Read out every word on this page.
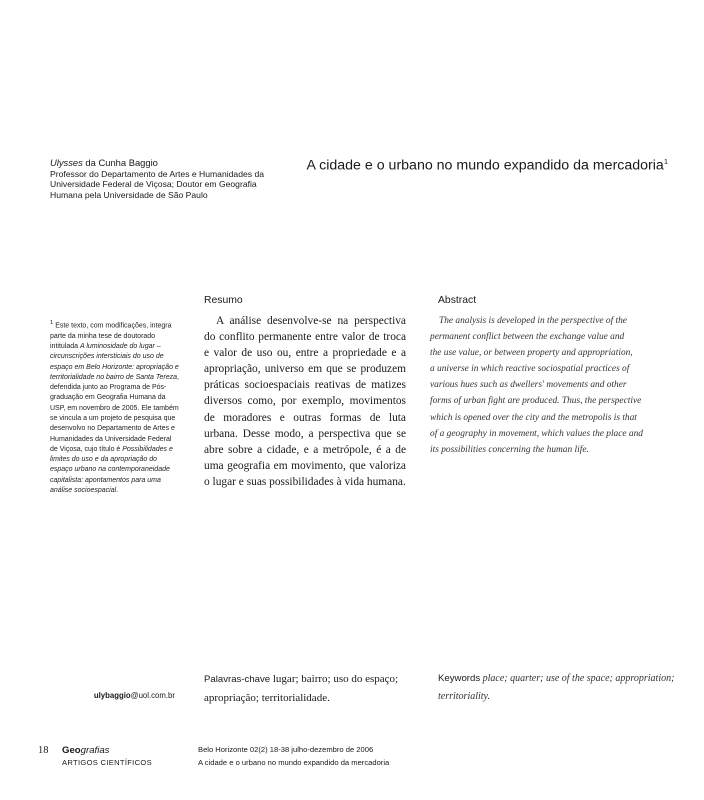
Ulysses da Cunha Baggio
Professor do Departamento de Artes e Humanidades da
Universidade Federal de Viçosa; Doutor em Geografia
Humana pela Universidade de São Paulo
A cidade e o urbano no mundo expandido da mercadoria$^1$
$^1$ Este texto, com modificações, integra parte da minha tese de doutorado intitulada A luminosidade do lugar – circunscrições intersticiais do uso de espaço em Belo Horizonte: apropriação e territorialidade no bairro de Santa Tereza, defendida junto ao Programa de Pós-graduação em Geografia Humana da USP, em novembro de 2005. Ele também se vincula a um projeto de pesquisa que desenvolvo no Departamento de Artes e Humanidades da Universidade Federal de Viçosa, cujo título é Possibilidades e limites do uso e da apropriação do espaço urbano na contemporaneidade capitalista: apontamentos para uma análise socioespacial.
Resumo
A análise desenvolve-se na perspectiva do conflito permanente entre valor de troca e valor de uso ou, entre a propriedade e a apropriação, universo em que se produzem práticas socioespaciais reativas de matizes diversos como, por exemplo, movimentos de moradores e outras formas de luta urbana. Desse modo, a perspectiva que se abre sobre a cidade, e a metrópole, é a de uma geografia em movimento, que valoriza o lugar e suas possibilidades à vida humana.
Abstract
The analysis is developed in the perspective of the
permanent conflict between the exchange value and
the use value, or between property and appropriation,
a universe in which reactive sociospatial practices of
various hues such as dwellers' movements and other
forms of urban fight are produced. Thus, the perspective
which is opened over the city and the metropolis is that
of a geography in movement, which values the place and
its possibilities concerning the human life.
Palavras-chave lugar; bairro; uso do espaço; apropriação; territorialidade.
Keywords place; quarter; use of the space; appropriation; territoriality.
ulybaggio@uol.com.br
18 Geografias
ARTIGOS CIENTÍFICOS
Belo Horizonte 02(2) 18-38 julho-dezembro de 2006
A cidade e o urbano no mundo expandido da mercadoria
